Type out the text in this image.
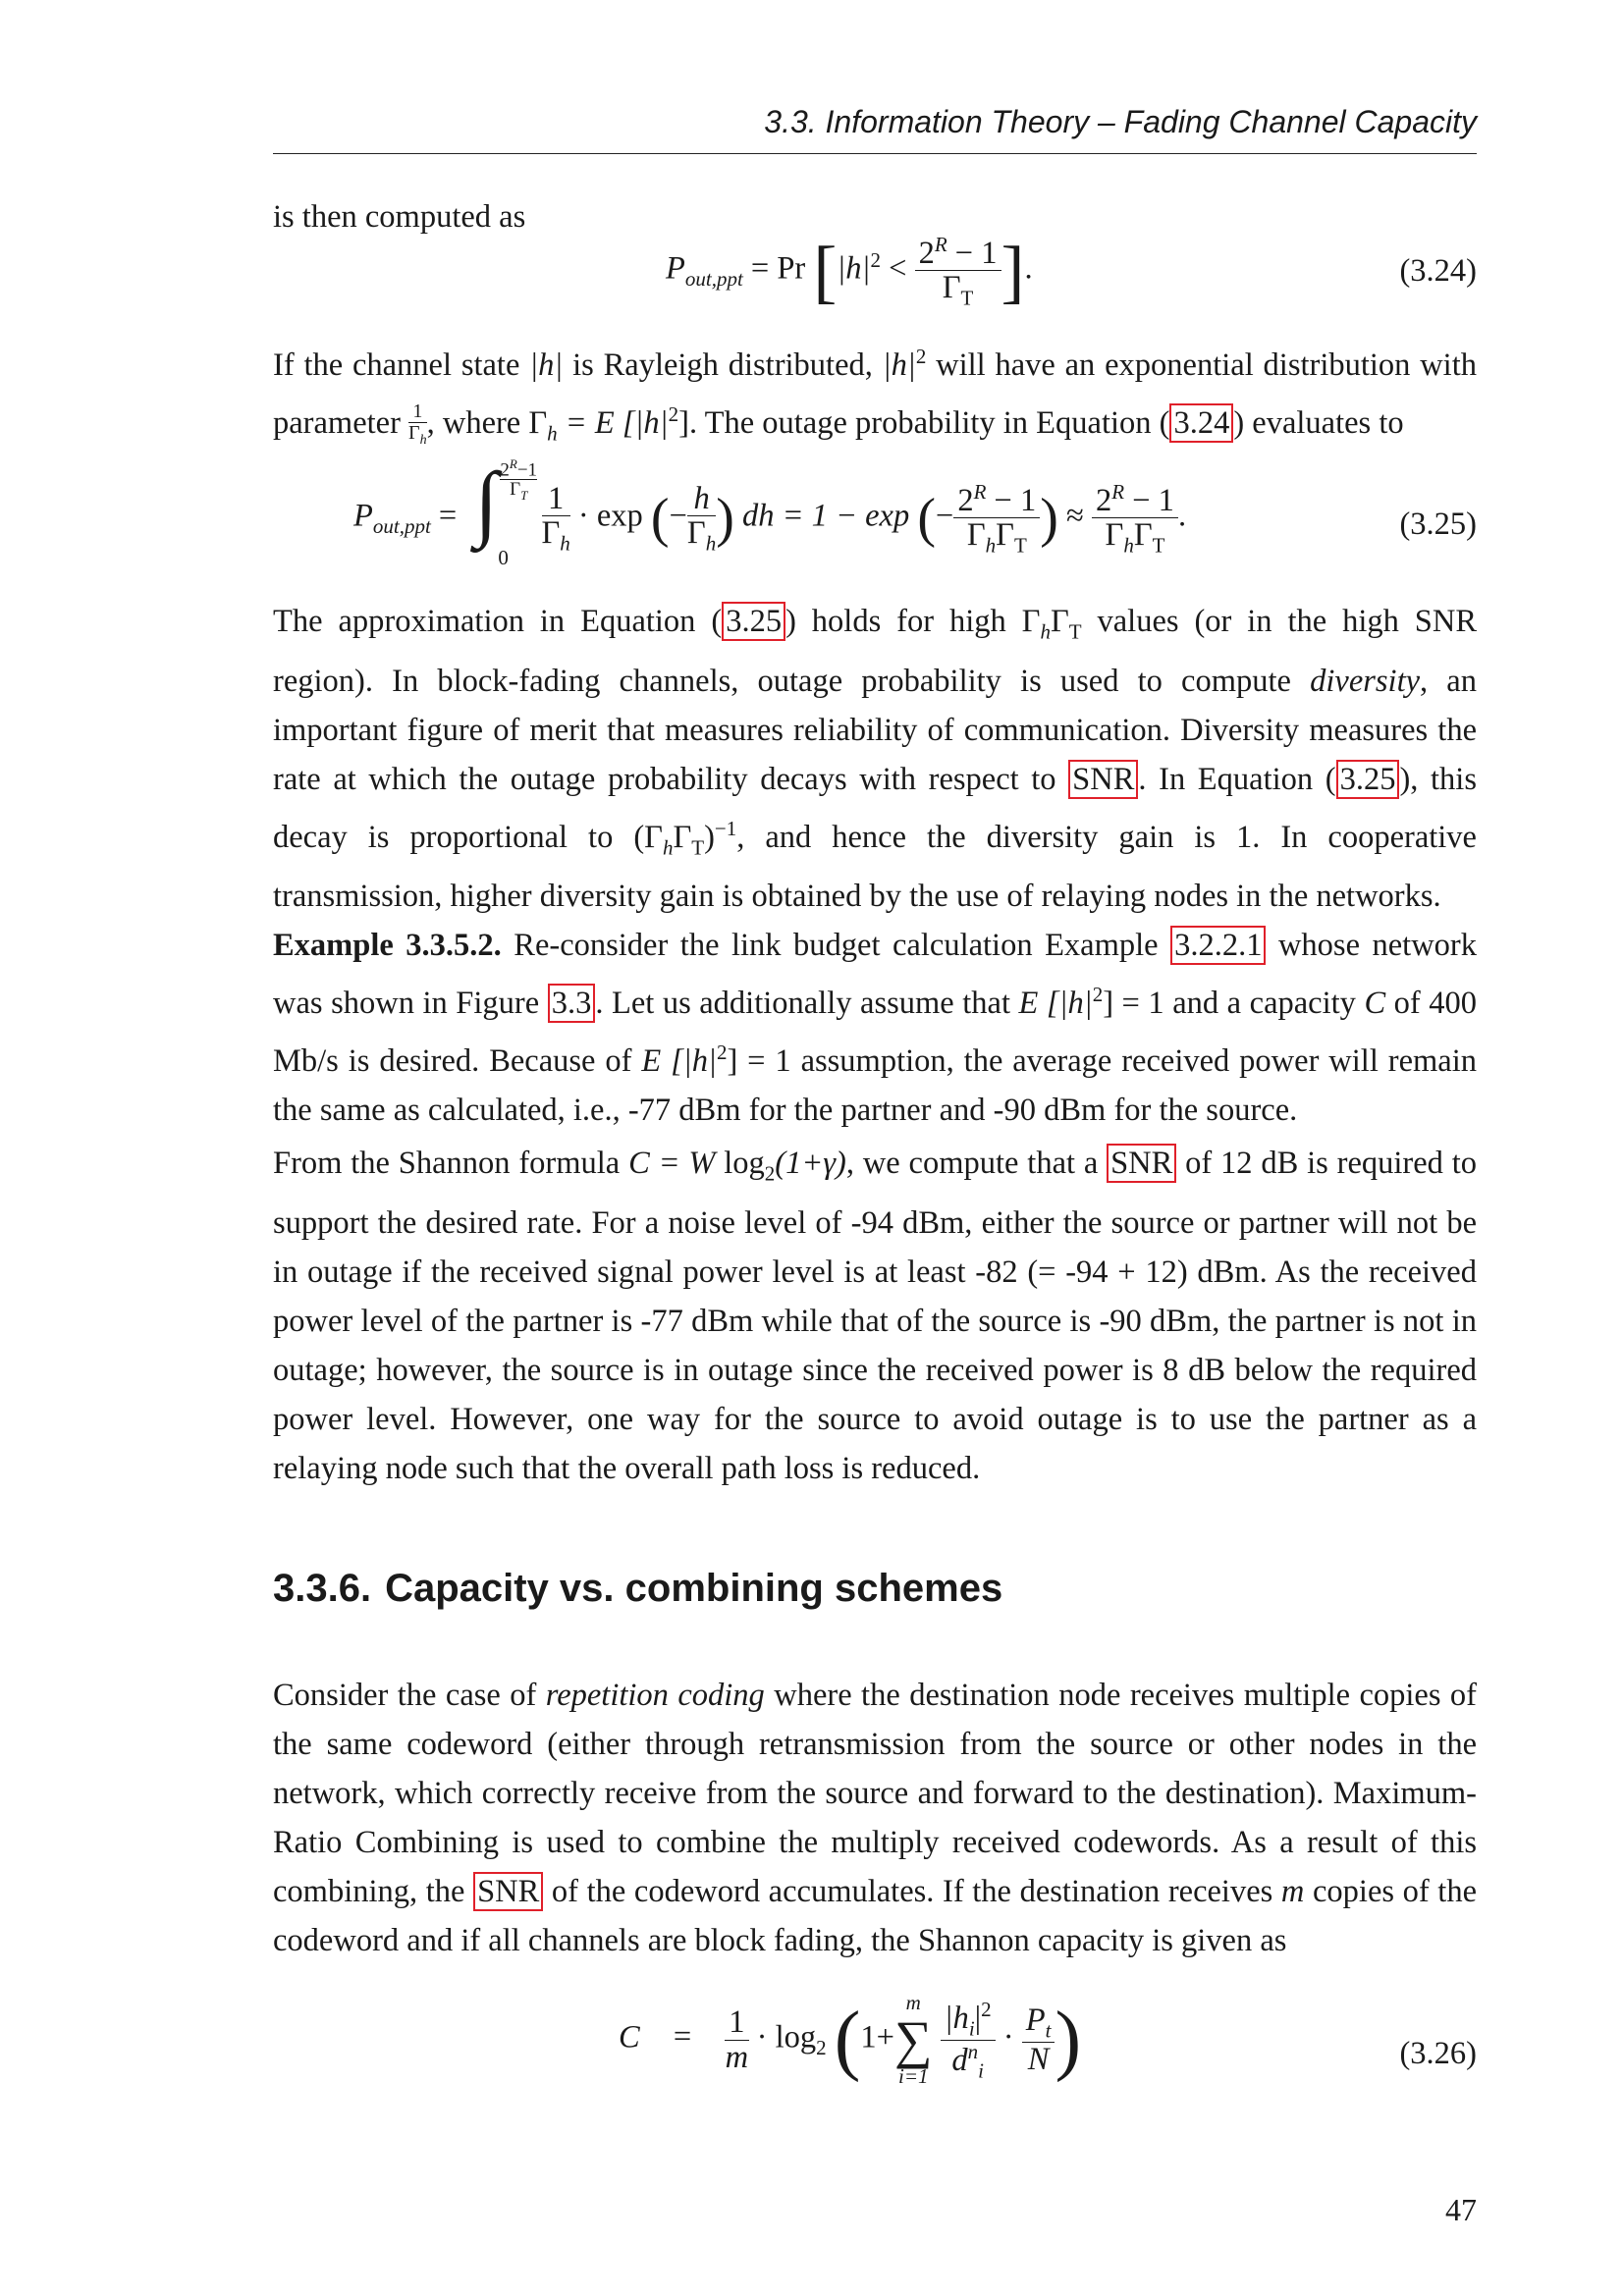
3.3. Information Theory – Fading Channel Capacity
is then computed as
$P_{out,ppt} = Pr$ [$|h|^2 < \frac{2^R - 1}{\Gamma_T}$ ].	(3.24)
If the channel state |h| is Rayleigh distributed, $|h|^2$ will have an exponential distribution with parameter $\frac{1}{\Gamma_h}$ , where $\Gamma_h = E$ $[|h|^2]$. The outage probability in Equation ( 3.24 ) evaluates to
$P_{out,ppt}$ = ∫ $2^R-1$
$\Gamma_T$
0

$\frac{1}{\Gamma_h} \cdot \exp$ (− $\frac{h}{\Gamma_h}$ ) dh = 1 − exp (− $\frac{2^R - 1}{\Gamma_h\Gamma_T}$ ) ≈ $\frac{2^R - 1}{\Gamma_h\Gamma_T}$ .	(3.25)
The approximation in Equation ( 3.25 ) holds for high $\Gamma_h\Gamma_T$ values (or in the high SNR region). In block-fading channels, outage probability is used to compute diversity, an important figure of merit that measures reliability of communication. Diversity measures the rate at which the outage probability decays with respect to SNR . In Equation ( 3.25 ), this decay is proportional to $(\Gamma_h\Gamma_T)^{-1}$, and hence the diversity gain is 1. In cooperative transmission, higher diversity gain is obtained by the use of relaying nodes in the networks.
Example 3.3.5.2. Re-consider the link budget calculation Example 3.2.2.1 whose network was shown in Figure 3.3 . Let us additionally assume that E $[|h|^2] = 1$ and a capacity C of 400 Mb/s is desired. Because of E $[|h|^2] = 1$ assumption, the average received power will remain the same as calculated, i.e., -77 dBm for the partner and -90 dBm for the source.
From the Shannon formula C = W $\log_2(1+\gamma)$, we compute that a SNR of 12 dB is required to support the desired rate. For a noise level of -94 dBm, either the source or partner will not be in outage if the received signal power level is at least -82 (= -94 + 12) dBm. As the received power level of the partner is -77 dBm while that of the source is -90 dBm, the partner is not in outage; however, the source is in outage since the received power is 8 dB below the required power level. However, one way for the source to avoid outage is to use the partner as a relaying node such that the overall path loss is reduced.
3.3.6. Capacity vs. combining schemes
Consider the case of repetition coding where the destination node receives multiple copies of the same codeword (either through retransmission from the source or other nodes in the network, which correctly receive from the source and forward to the destination). Maximum-Ratio Combining is used to combine the multiply received codewords. As a result of this combining, the SNR of the codeword accumulates. If the destination receives m copies of the codeword and if all channels are block fading, the Shannon capacity is given as
$C = \frac{1}{m} \cdot \log_2 (1+$
m
∑
i=1
$\frac{|h_i|^2}{d^n_i} \cdot \frac{P_t}{N}$ )	(3.26)
47
